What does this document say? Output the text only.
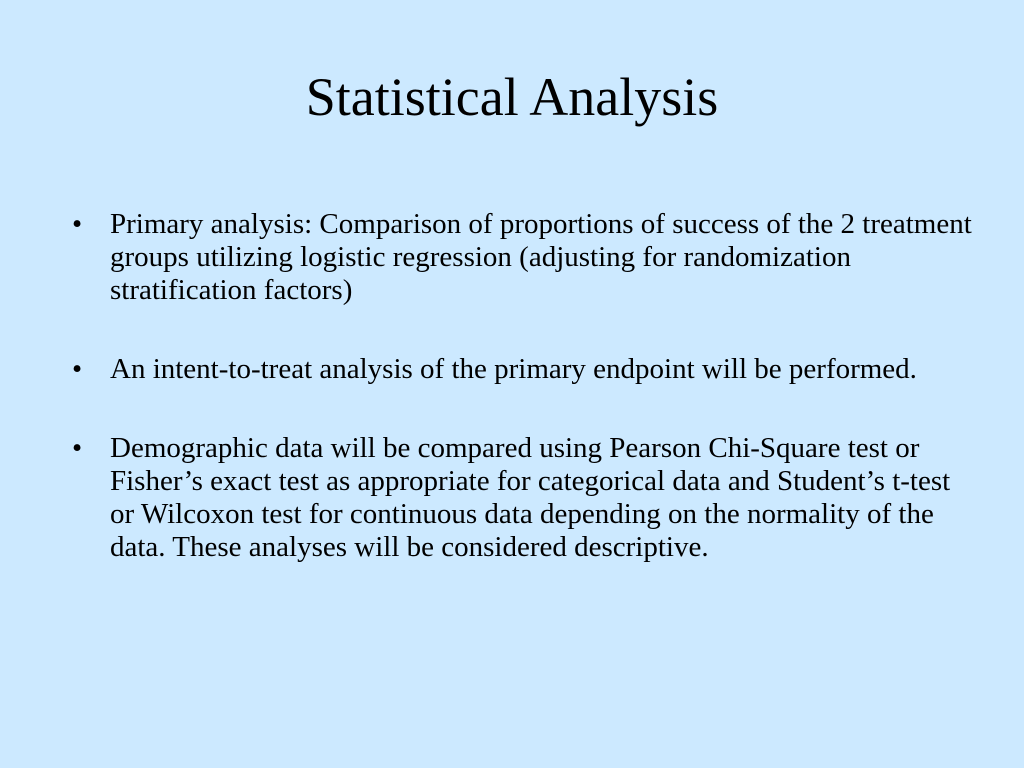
Statistical Analysis
• Primary analysis: Comparison of proportions of success of the 2 treatment groups utilizing logistic regression (adjusting for randomization stratification factors)
• An intent-to-treat analysis of the primary endpoint will be performed.
• Demographic data will be compared using Pearson Chi-Square test or Fisher’s exact test as appropriate for categorical data and Student’s t-test or Wilcoxon test for continuous data depending on the normality of the data. These analyses will be considered descriptive.
